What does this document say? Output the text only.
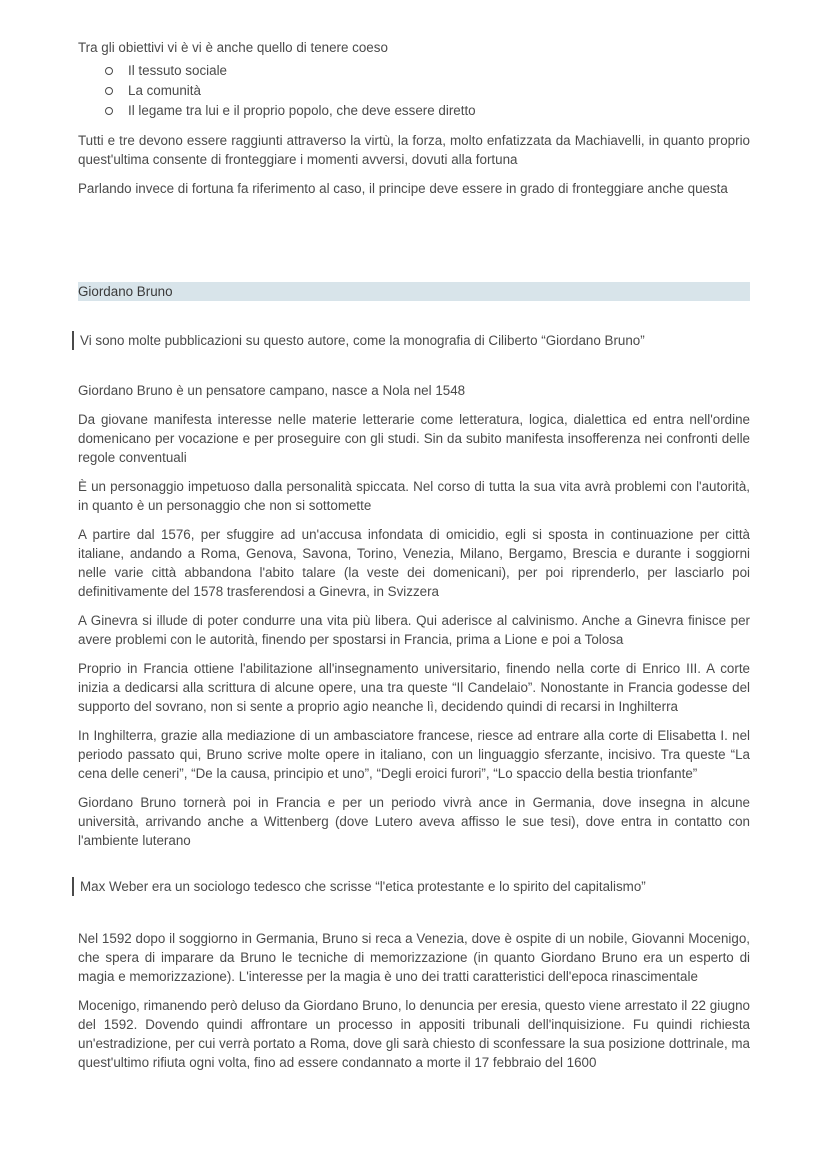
Tra gli obiettivi vi è vi è anche quello di tenere coeso

Il tessuto sociale
La comunità
Il legame tra lui e il proprio popolo, che deve essere diretto

Tutti e tre devono essere raggiunti attraverso la virtù, la forza, molto enfatizzata da Machiavelli, in quanto proprio quest'ultima consente di fronteggiare i momenti avversi, dovuti alla fortuna

Parlando invece di fortuna fa riferimento al caso, il principe deve essere in grado di fronteggiare anche questa

Giordano Bruno
Vi sono molte pubblicazioni su questo autore, come la monografia di Ciliberto “Giordano Bruno”

Giordano Bruno è un pensatore campano, nasce a Nola nel 1548

Da giovane manifesta interesse nelle materie letterarie come letteratura, logica, dialettica ed entra nell'ordine domenicano per vocazione e per proseguire con gli studi. Sin da subito manifesta insofferenza nei confronti delle regole conventuali

È un personaggio impetuoso dalla personalità spiccata. Nel corso di tutta la sua vita avrà problemi con l'autorità, in quanto è un personaggio che non si sottomette

A partire dal 1576, per sfuggire ad un'accusa infondata di omicidio, egli si sposta in continuazione per città italiane, andando a Roma, Genova, Savona, Torino, Venezia, Milano, Bergamo, Brescia e durante i soggiorni nelle varie città abbandona l'abito talare (la veste dei domenicani), per poi riprenderlo, per lasciarlo poi definitivamente del 1578 trasferendosi a Ginevra, in Svizzera

A Ginevra si illude di poter condurre una vita più libera. Qui aderisce al calvinismo. Anche a Ginevra finisce per avere problemi con le autorità, finendo per spostarsi in Francia, prima a Lione e poi a Tolosa

Proprio in Francia ottiene l'abilitazione all'insegnamento universitario, finendo nella corte di Enrico III. A corte inizia a dedicarsi alla scrittura di alcune opere, una tra queste “Il Candelaio”. Nonostante in Francia godesse del supporto del sovrano, non si sente a proprio agio neanche lì, decidendo quindi di recarsi in Inghilterra

In Inghilterra, grazie alla mediazione di un ambasciatore francese, riesce ad entrare alla corte di Elisabetta I. nel periodo passato qui, Bruno scrive molte opere in italiano, con un linguaggio sferzante, incisivo. Tra queste “La cena delle ceneri”, “De la causa, principio et uno”, “Degli eroici furori”, “Lo spaccio della bestia trionfante”

Giordano Bruno tornerà poi in Francia e per un periodo vivrà ance in Germania, dove insegna in alcune università, arrivando anche a Wittenberg (dove Lutero aveva affisso le sue tesi), dove entra in contatto con l'ambiente luterano

Max Weber era un sociologo tedesco che scrisse “l'etica protestante e lo spirito del capitalismo”

Nel 1592 dopo il soggiorno in Germania, Bruno si reca a Venezia, dove è ospite di un nobile, Giovanni Mocenigo, che spera di imparare da Bruno le tecniche di memorizzazione (in quanto Giordano Bruno era un esperto di magia e memorizzazione). L'interesse per la magia è uno dei tratti caratteristici dell'epoca rinascimentale

Mocenigo, rimanendo però deluso da Giordano Bruno, lo denuncia per eresia, questo viene arrestato il 22 giugno del 1592. Dovendo quindi affrontare un processo in appositi tribunali dell'inquisizione. Fu quindi richiesta un'estradizione, per cui verrà portato a Roma, dove gli sarà chiesto di sconfessare la sua posizione dottrinale, ma quest'ultimo rifiuta ogni volta, fino ad essere condannato a morte il 17 febbraio del 1600
